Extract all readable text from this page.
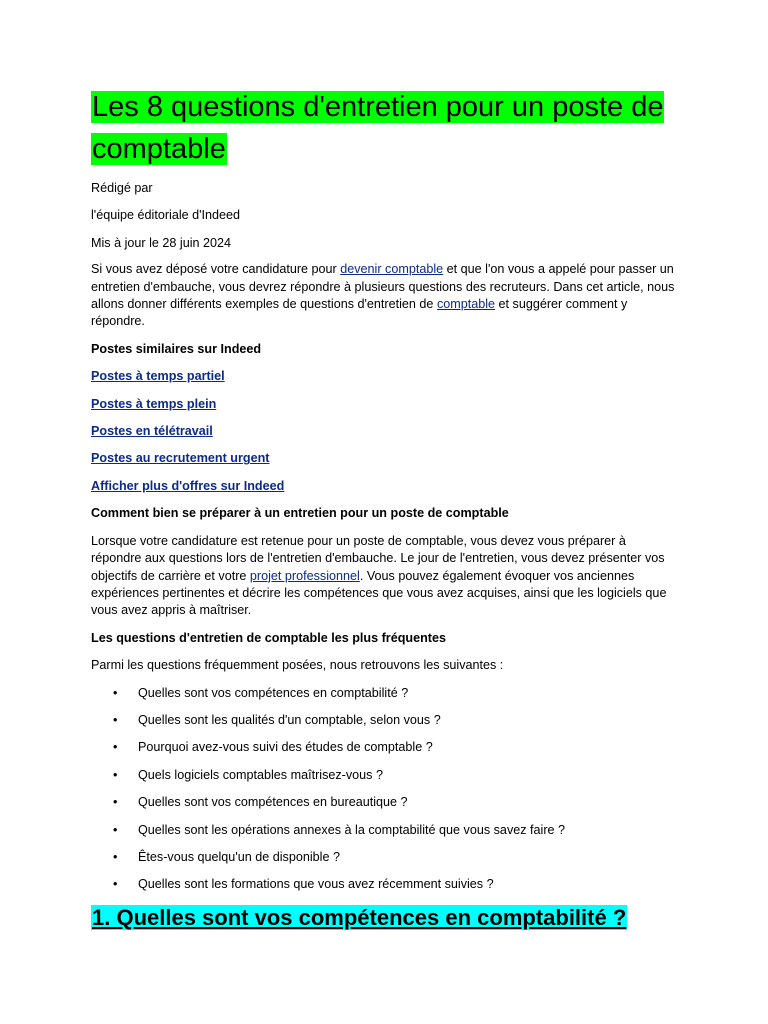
Les 8 questions d'entretien pour un poste de comptable

Rédigé par

l'équipe éditoriale d'Indeed

Mis à jour le 28 juin 2024

Si vous avez déposé votre candidature pour devenir comptable et que l'on vous a appelé pour passer un entretien d'embauche, vous devrez répondre à plusieurs questions des recruteurs. Dans cet article, nous allons donner différents exemples de questions d'entretien de comptable et suggérer comment y répondre.

Postes similaires sur Indeed

Postes à temps partiel
Postes à temps plein
Postes en télétravail
Postes au recrutement urgent
Afficher plus d'offres sur Indeed

Comment bien se préparer à un entretien pour un poste de comptable

Lorsque votre candidature est retenue pour un poste de comptable, vous devez vous préparer à répondre aux questions lors de l'entretien d'embauche. Le jour de l'entretien, vous devez présenter vos objectifs de carrière et votre projet professionnel. Vous pouvez également évoquer vos anciennes expériences pertinentes et décrire les compétences que vous avez acquises, ainsi que les logiciels que vous avez appris à maîtriser.

Les questions d'entretien de comptable les plus fréquentes

Parmi les questions fréquemment posées, nous retrouvons les suivantes :

• Quelles sont vos compétences en comptabilité ?
• Quelles sont les qualités d'un comptable, selon vous ?
• Pourquoi avez-vous suivi des études de comptable ?
• Quels logiciels comptables maîtrisez-vous ?
• Quelles sont vos compétences en bureautique ?
• Quelles sont les opérations annexes à la comptabilité que vous savez faire ?
• Êtes-vous quelqu'un de disponible ?
• Quelles sont les formations que vous avez récemment suivies ?
1. Quelles sont vos compétences en comptabilité ?
